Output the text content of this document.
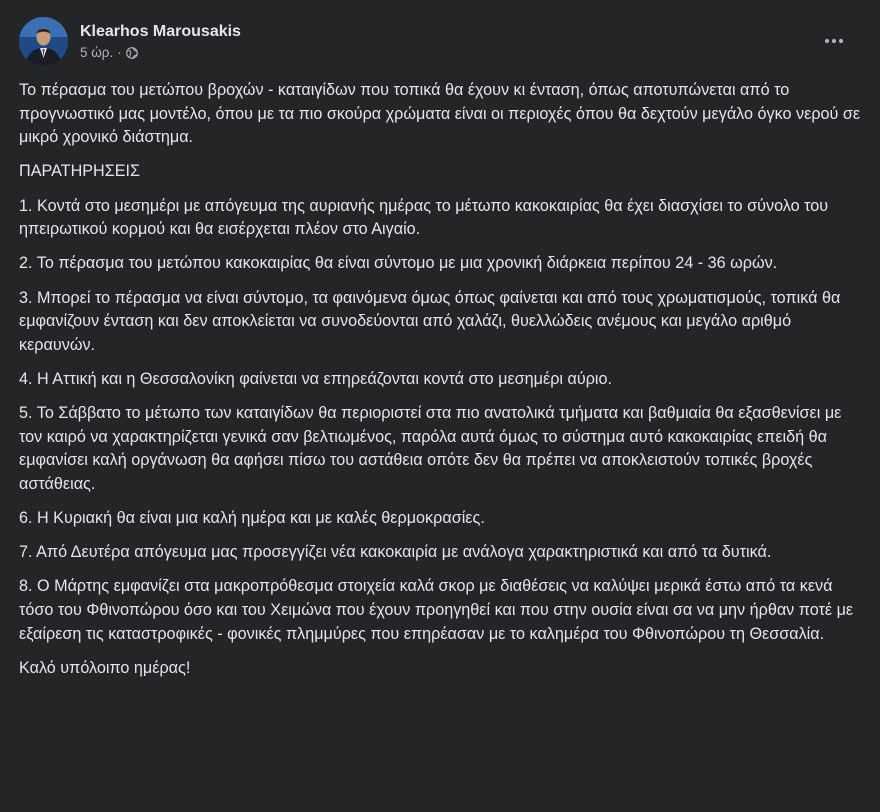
Klearhos Marousakis
5 ώρ. ·

Το πέρασμα του μετώπου βροχών - καταιγίδων που τοπικά θα έχουν κι ένταση, όπως αποτυπώνεται από το προγνωστικό μας μοντέλο, όπου με τα πιο σκούρα χρώματα είναι οι περιοχές όπου θα δεχτούν μεγάλο όγκο νερού σε μικρό χρονικό διάστημα.

ΠΑΡΑΤΗΡΗΣΕΙΣ

1. Κοντά στο μεσημέρι με απόγευμα της αυριανής ημέρας το μέτωπο κακοκαιρίας θα έχει διασχίσει το σύνολο του ηπειρωτικού κορμού και θα εισέρχεται πλέον στο Αιγαίο.

2. Το πέρασμα του μετώπου κακοκαιρίας θα είναι σύντομο με μια χρονική διάρκεια περίπου 24 - 36 ωρών.

3. Μπορεί το πέρασμα να είναι σύντομο, τα φαινόμενα όμως όπως φαίνεται και από τους χρωματισμούς, τοπικά θα εμφανίζουν ένταση και δεν αποκλείεται να συνοδεύονται από χαλάζι, θυελλώδεις ανέμους και μεγάλο αριθμό κεραυνών.

4. Η Αττική και η Θεσσαλονίκη φαίνεται να επηρεάζονται κοντά στο μεσημέρι αύριο.

5. Το Σάββατο το μέτωπο των καταιγίδων θα περιοριστεί στα πιο ανατολικά τμήματα και βαθμιαία θα εξασθενίσει με τον καιρό να χαρακτηρίζεται γενικά σαν βελτιωμένος, παρόλα αυτά όμως το σύστημα αυτό κακοκαιρίας επειδή θα εμφανίσει καλή οργάνωση θα αφήσει πίσω του αστάθεια οπότε δεν θα πρέπει να αποκλειστούν τοπικές βροχές αστάθειας.

6. Η Κυριακή θα είναι μια καλή ημέρα και με καλές θερμοκρασίες.

7. Από Δευτέρα απόγευμα μας προσεγγίζει νέα κακοκαιρία με ανάλογα χαρακτηριστικά και από τα δυτικά.

8. Ο Μάρτης εμφανίζει στα μακροπρόθεσμα στοιχεία καλά σκορ με διαθέσεις να καλύψει μερικά έστω από τα κενά τόσο του Φθινοπώρου όσο και του Χειμώνα που έχουν προηγηθεί και που στην ουσία είναι σα να μην ήρθαν ποτέ με εξαίρεση τις καταστροφικές - φονικές πλημμύρες που επηρέασαν με το καλημέρα του Φθινοπώρου τη Θεσσαλία.

Καλό υπόλοιπο ημέρας!
